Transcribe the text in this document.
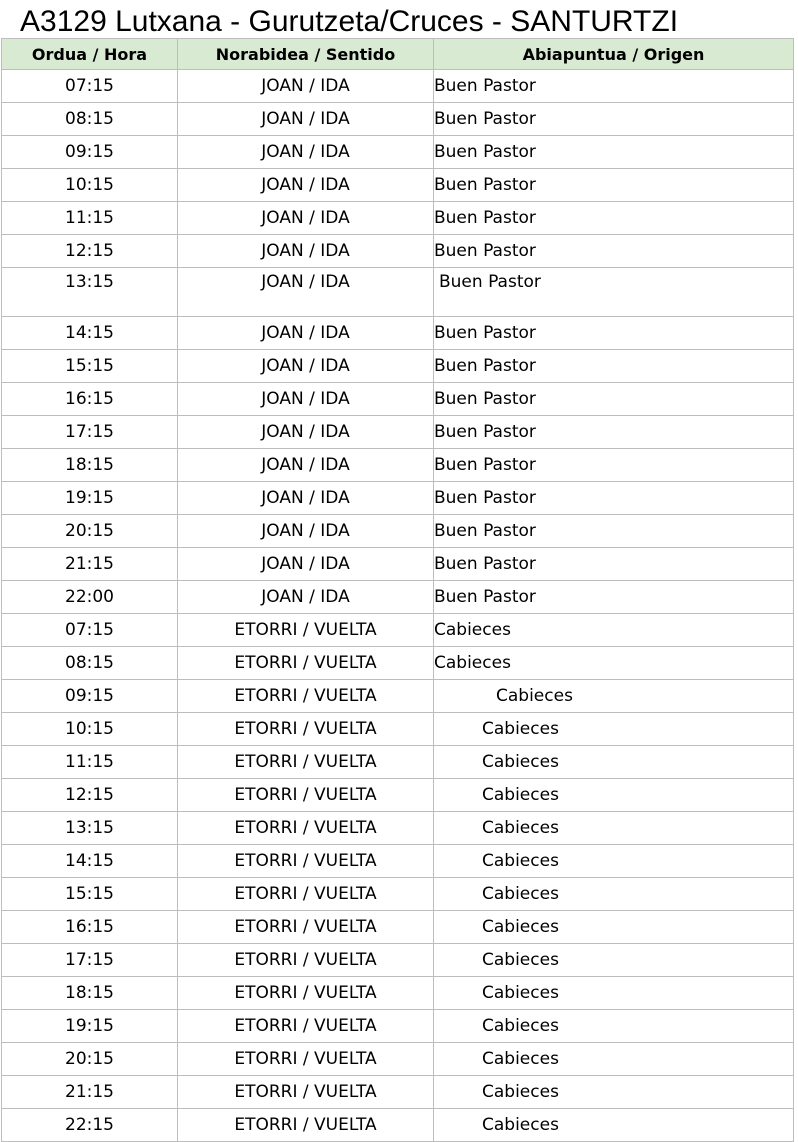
A3129 Lutxana - Gurutzeta/Cruces - SANTURTZI
Ordua / Hora	Norabidea / Sentido	Abiapuntua / Origen
07:15	JOAN / IDA	Buen Pastor
08:15	JOAN / IDA	Buen Pastor
09:15	JOAN / IDA	Buen Pastor
10:15	JOAN / IDA	Buen Pastor
11:15	JOAN / IDA	Buen Pastor
12:15	JOAN / IDA	Buen Pastor
13:15	JOAN / IDA	Buen Pastor
14:15	JOAN / IDA	Buen Pastor
15:15	JOAN / IDA	Buen Pastor
16:15	JOAN / IDA	Buen Pastor
17:15	JOAN / IDA	Buen Pastor
18:15	JOAN / IDA	Buen Pastor
19:15	JOAN / IDA	Buen Pastor
20:15	JOAN / IDA	Buen Pastor
21:15	JOAN / IDA	Buen Pastor
22:00	JOAN / IDA	Buen Pastor
07:15	ETORRI / VUELTA	Cabieces
08:15	ETORRI / VUELTA	Cabieces
09:15	ETORRI / VUELTA	Cabieces
10:15	ETORRI / VUELTA	Cabieces
11:15	ETORRI / VUELTA	Cabieces
12:15	ETORRI / VUELTA	Cabieces
13:15	ETORRI / VUELTA	Cabieces
14:15	ETORRI / VUELTA	Cabieces
15:15	ETORRI / VUELTA	Cabieces
16:15	ETORRI / VUELTA	Cabieces
17:15	ETORRI / VUELTA	Cabieces
18:15	ETORRI / VUELTA	Cabieces
19:15	ETORRI / VUELTA	Cabieces
20:15	ETORRI / VUELTA	Cabieces
21:15	ETORRI / VUELTA	Cabieces
22:15	ETORRI / VUELTA	Cabieces
